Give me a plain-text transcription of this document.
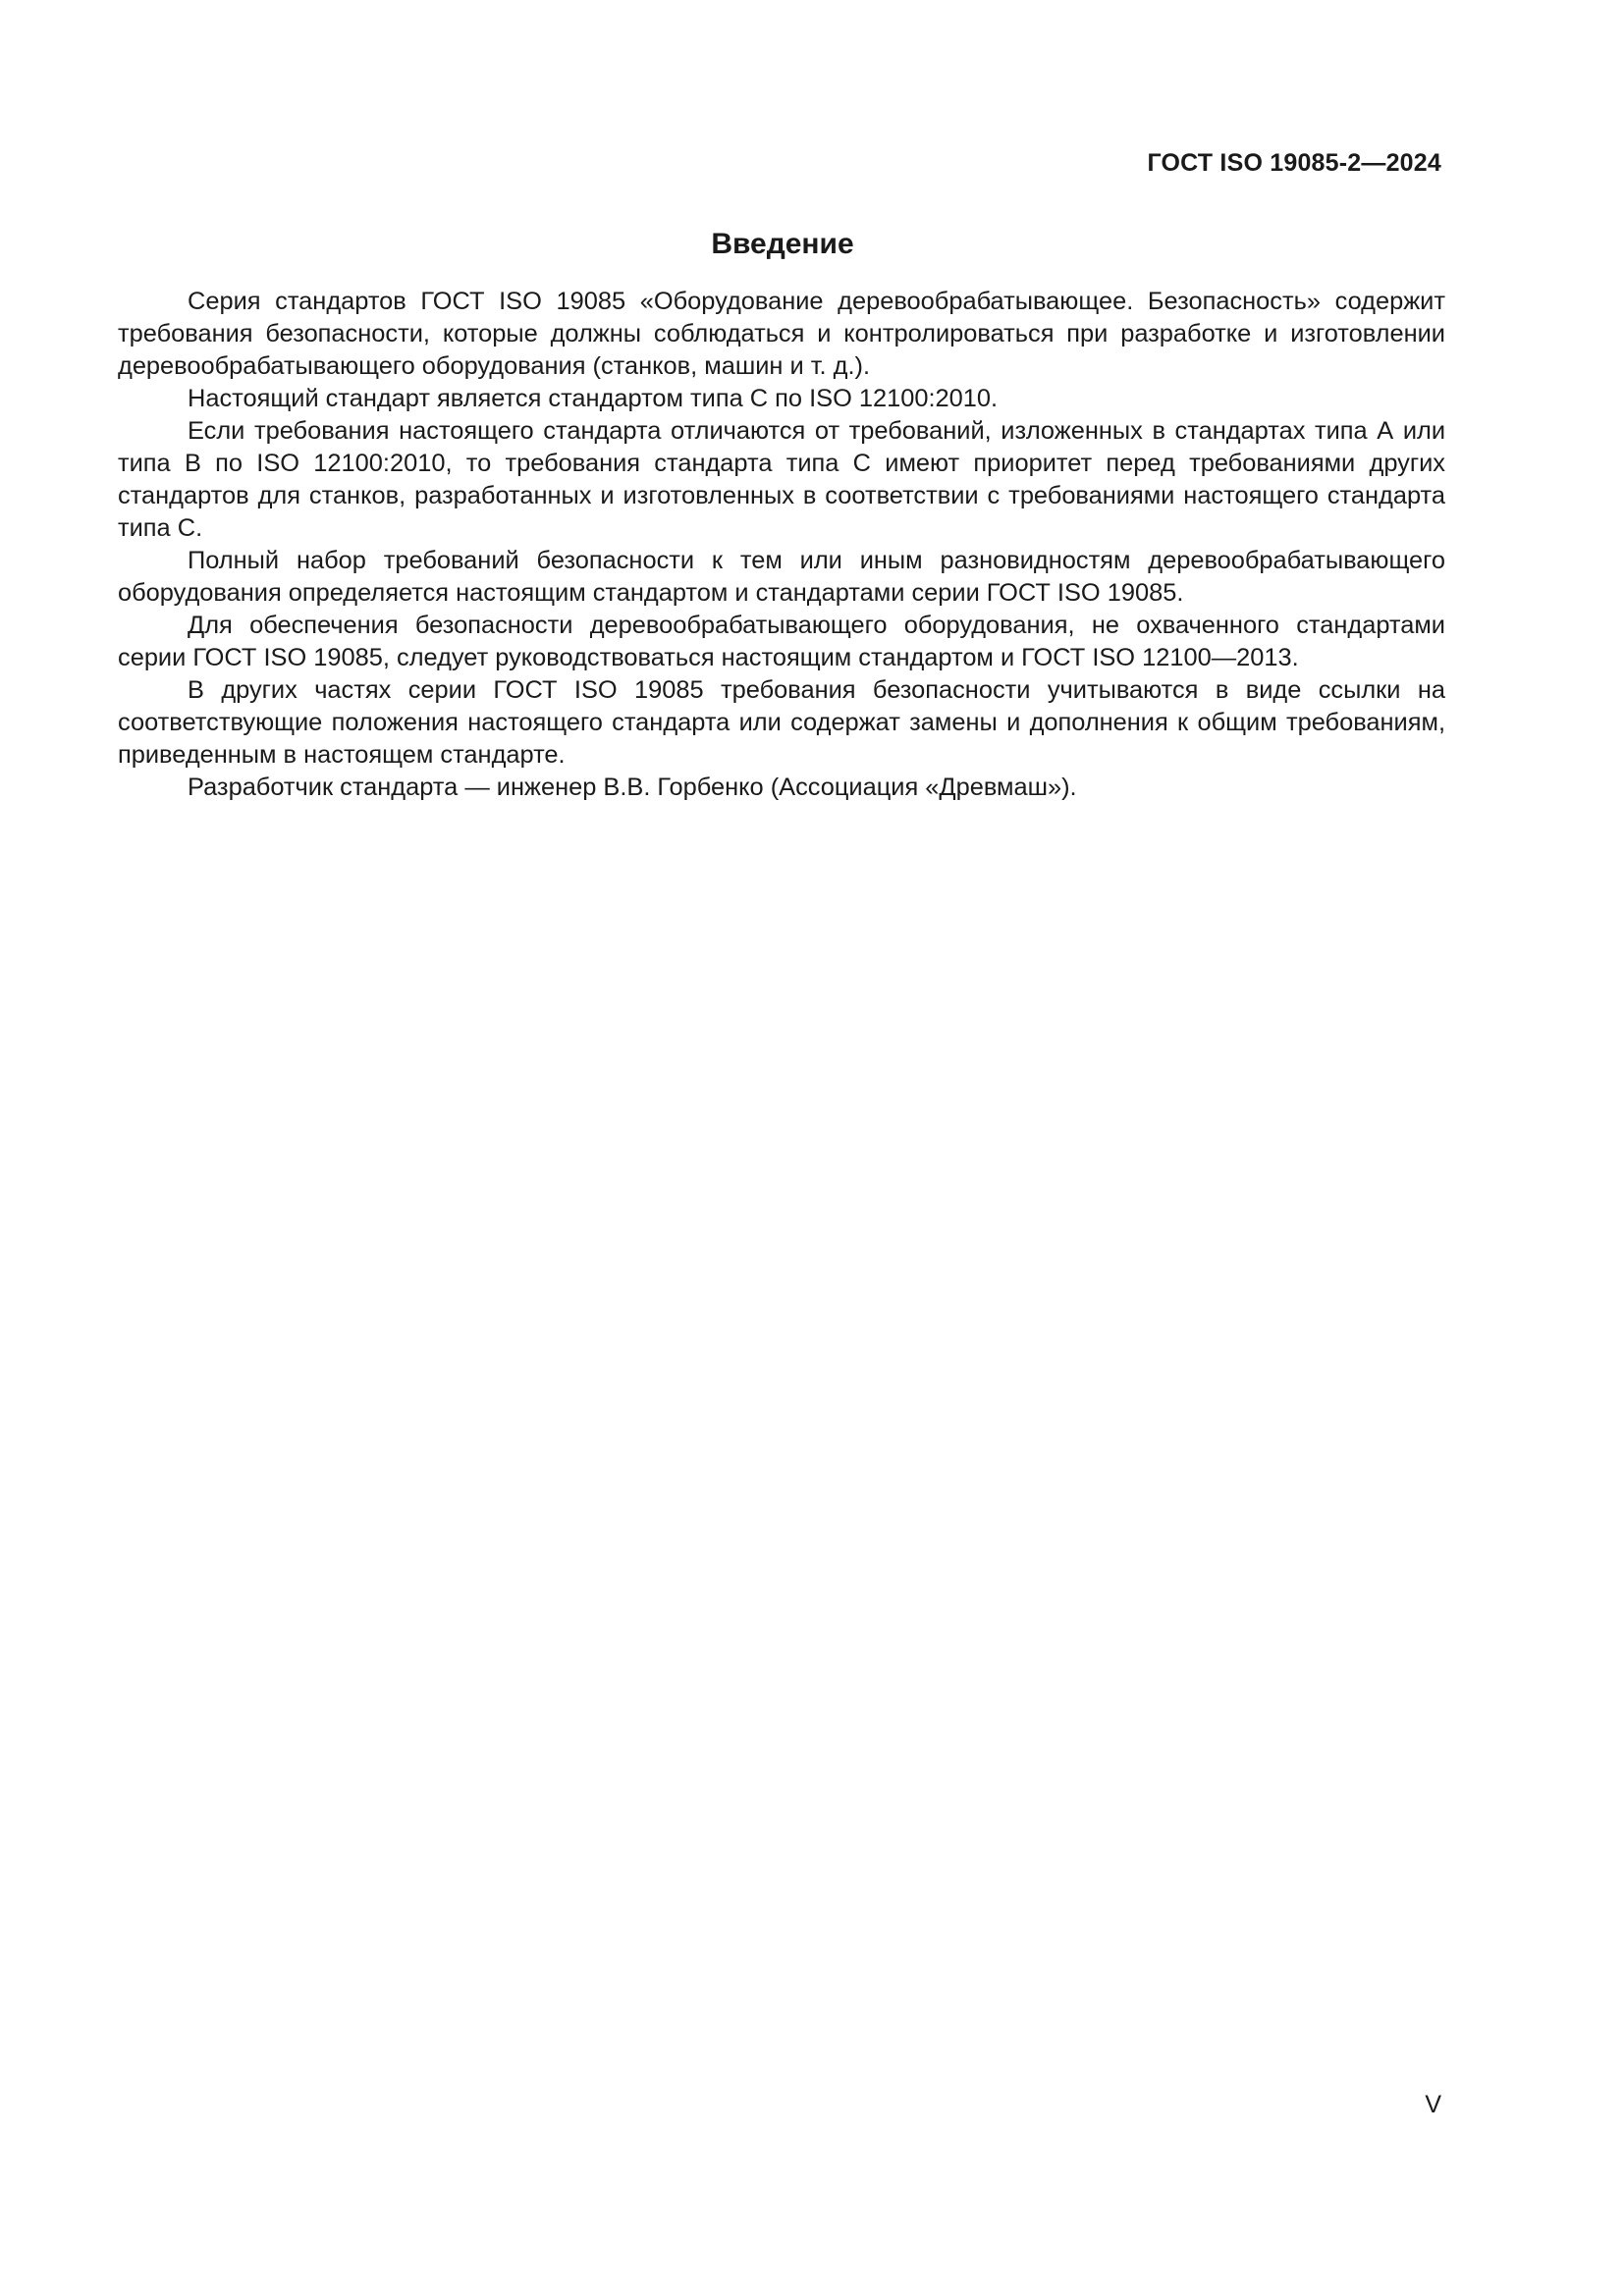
ГОСТ ISO 19085-2—2024
Введение

Серия стандартов ГОСТ ISO 19085 «Оборудование деревообрабатывающее. Безопасность» содержит требования безопасности, которые должны соблюдаться и контролироваться при разработке и изготовлении деревообрабатывающего оборудования (станков, машин и т. д.).

Настоящий стандарт является стандартом типа С по ISO 12100:2010.

Если требования настоящего стандарта отличаются от требований, изложенных в стандартах типа А или типа В по ISO 12100:2010, то требования стандарта типа С имеют приоритет перед требованиями других стандартов для станков, разработанных и изготовленных в соответствии с требованиями настоящего стандарта типа С.

Полный набор требований безопасности к тем или иным разновидностям деревообрабатывающего оборудования определяется настоящим стандартом и стандартами серии ГОСТ ISO 19085.

Для обеспечения безопасности деревообрабатывающего оборудования, не охваченного стандартами серии ГОСТ ISO 19085, следует руководствоваться настоящим стандартом и ГОСТ ISO 12100—2013.

В других частях серии ГОСТ ISO 19085 требования безопасности учитываются в виде ссылки на соответствующие положения настоящего стандарта или содержат замены и дополнения к общим требованиям, приведенным в настоящем стандарте.

Разработчик стандарта — инженер В.В. Горбенко (Ассоциация «Древмаш»).

V
